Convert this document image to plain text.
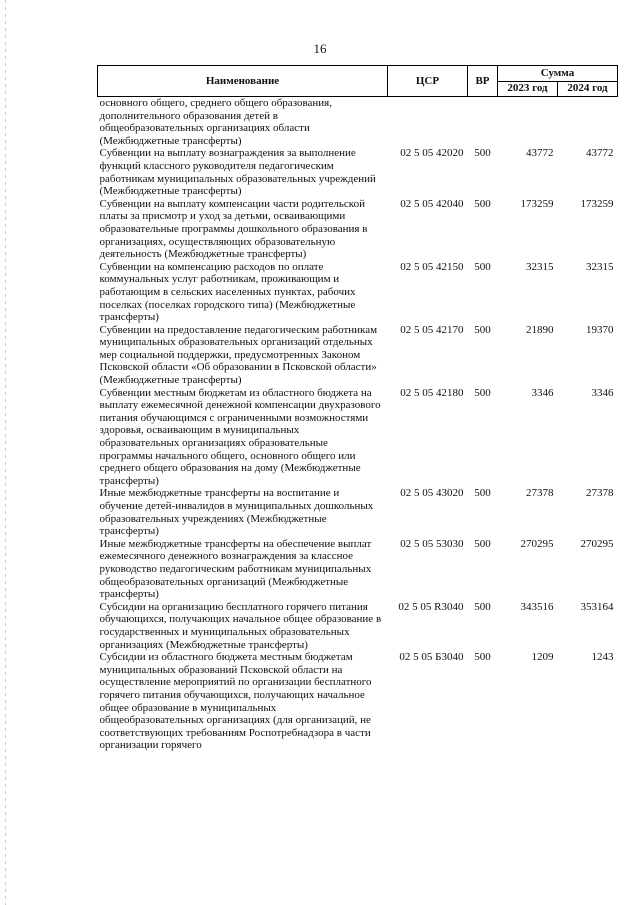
16
Наименование	ЦСР	ВР	Сумма	
			2023 год	2024 год
основного общего, среднего общего образования, дополнительного образования детей в общеобразовательных организациях области (Межбюджетные трансферты)				
Субвенции на выплату вознаграждения за выполнение функций классного руководителя педагогическим работникам муниципальных образовательных учреждений (Межбюджетные трансферты)	02 5 05 42020	500	43772	43772
Субвенции на выплату компенсации части родительской платы за присмотр и уход за детьми, осваивающими образовательные программы дошкольного образования в организациях, осуществляющих образовательную деятельность (Межбюджетные трансферты)	02 5 05 42040	500	173259	173259
Субвенции на компенсацию расходов по оплате коммунальных услуг работникам, проживающим и работающим в сельских населенных пунктах, рабочих поселках (поселках городского типа) (Межбюджетные трансферты)	02 5 05 42150	500	32315	32315
Субвенции на предоставление педагогическим работникам муниципальных образовательных организаций отдельных мер социальной поддержки, предусмотренных Законом Псковской области «Об образовании в Псковской области» (Межбюджетные трансферты)	02 5 05 42170	500	21890	19370
Субвенции местным бюджетам из областного бюджета на выплату ежемесячной денежной компенсации двухразового питания обучающимся с ограниченными возможностями здоровья, осваивающим в муниципальных образовательных организациях образовательные программы начального общего, основного общего или среднего общего образования на дому (Межбюджетные трансферты)	02 5 05 42180	500	3346	3346
Иные межбюджетные трансферты на воспитание и обучение детей-инвалидов в муниципальных дошкольных образовательных учреждениях (Межбюджетные трансферты)	02 5 05 43020	500	27378	27378
Иные межбюджетные трансферты на обеспечение выплат ежемесячного денежного вознаграждения за классное руководство педагогическим работникам муниципальных общеобразовательных организаций (Межбюджетные трансферты)	02 5 05 53030	500	270295	270295
Субсидии на организацию бесплатного горячего питания обучающихся, получающих начальное общее образование в государственных и муниципальных образовательных организациях (Межбюджетные трансферты)	02 5 05 R3040	500	343516	353164
Субсидии из областного бюджета местным бюджетам муниципальных образований Псковской области на осуществление мероприятий по организации бесплатного горячего питания обучающихся, получающих начальное общее образование в муниципальных общеобразовательных организациях (для организаций, не соответствующих требованиям Роспотребнадзора в части организации горячего	02 5 05 Б3040	500	1209	1243
